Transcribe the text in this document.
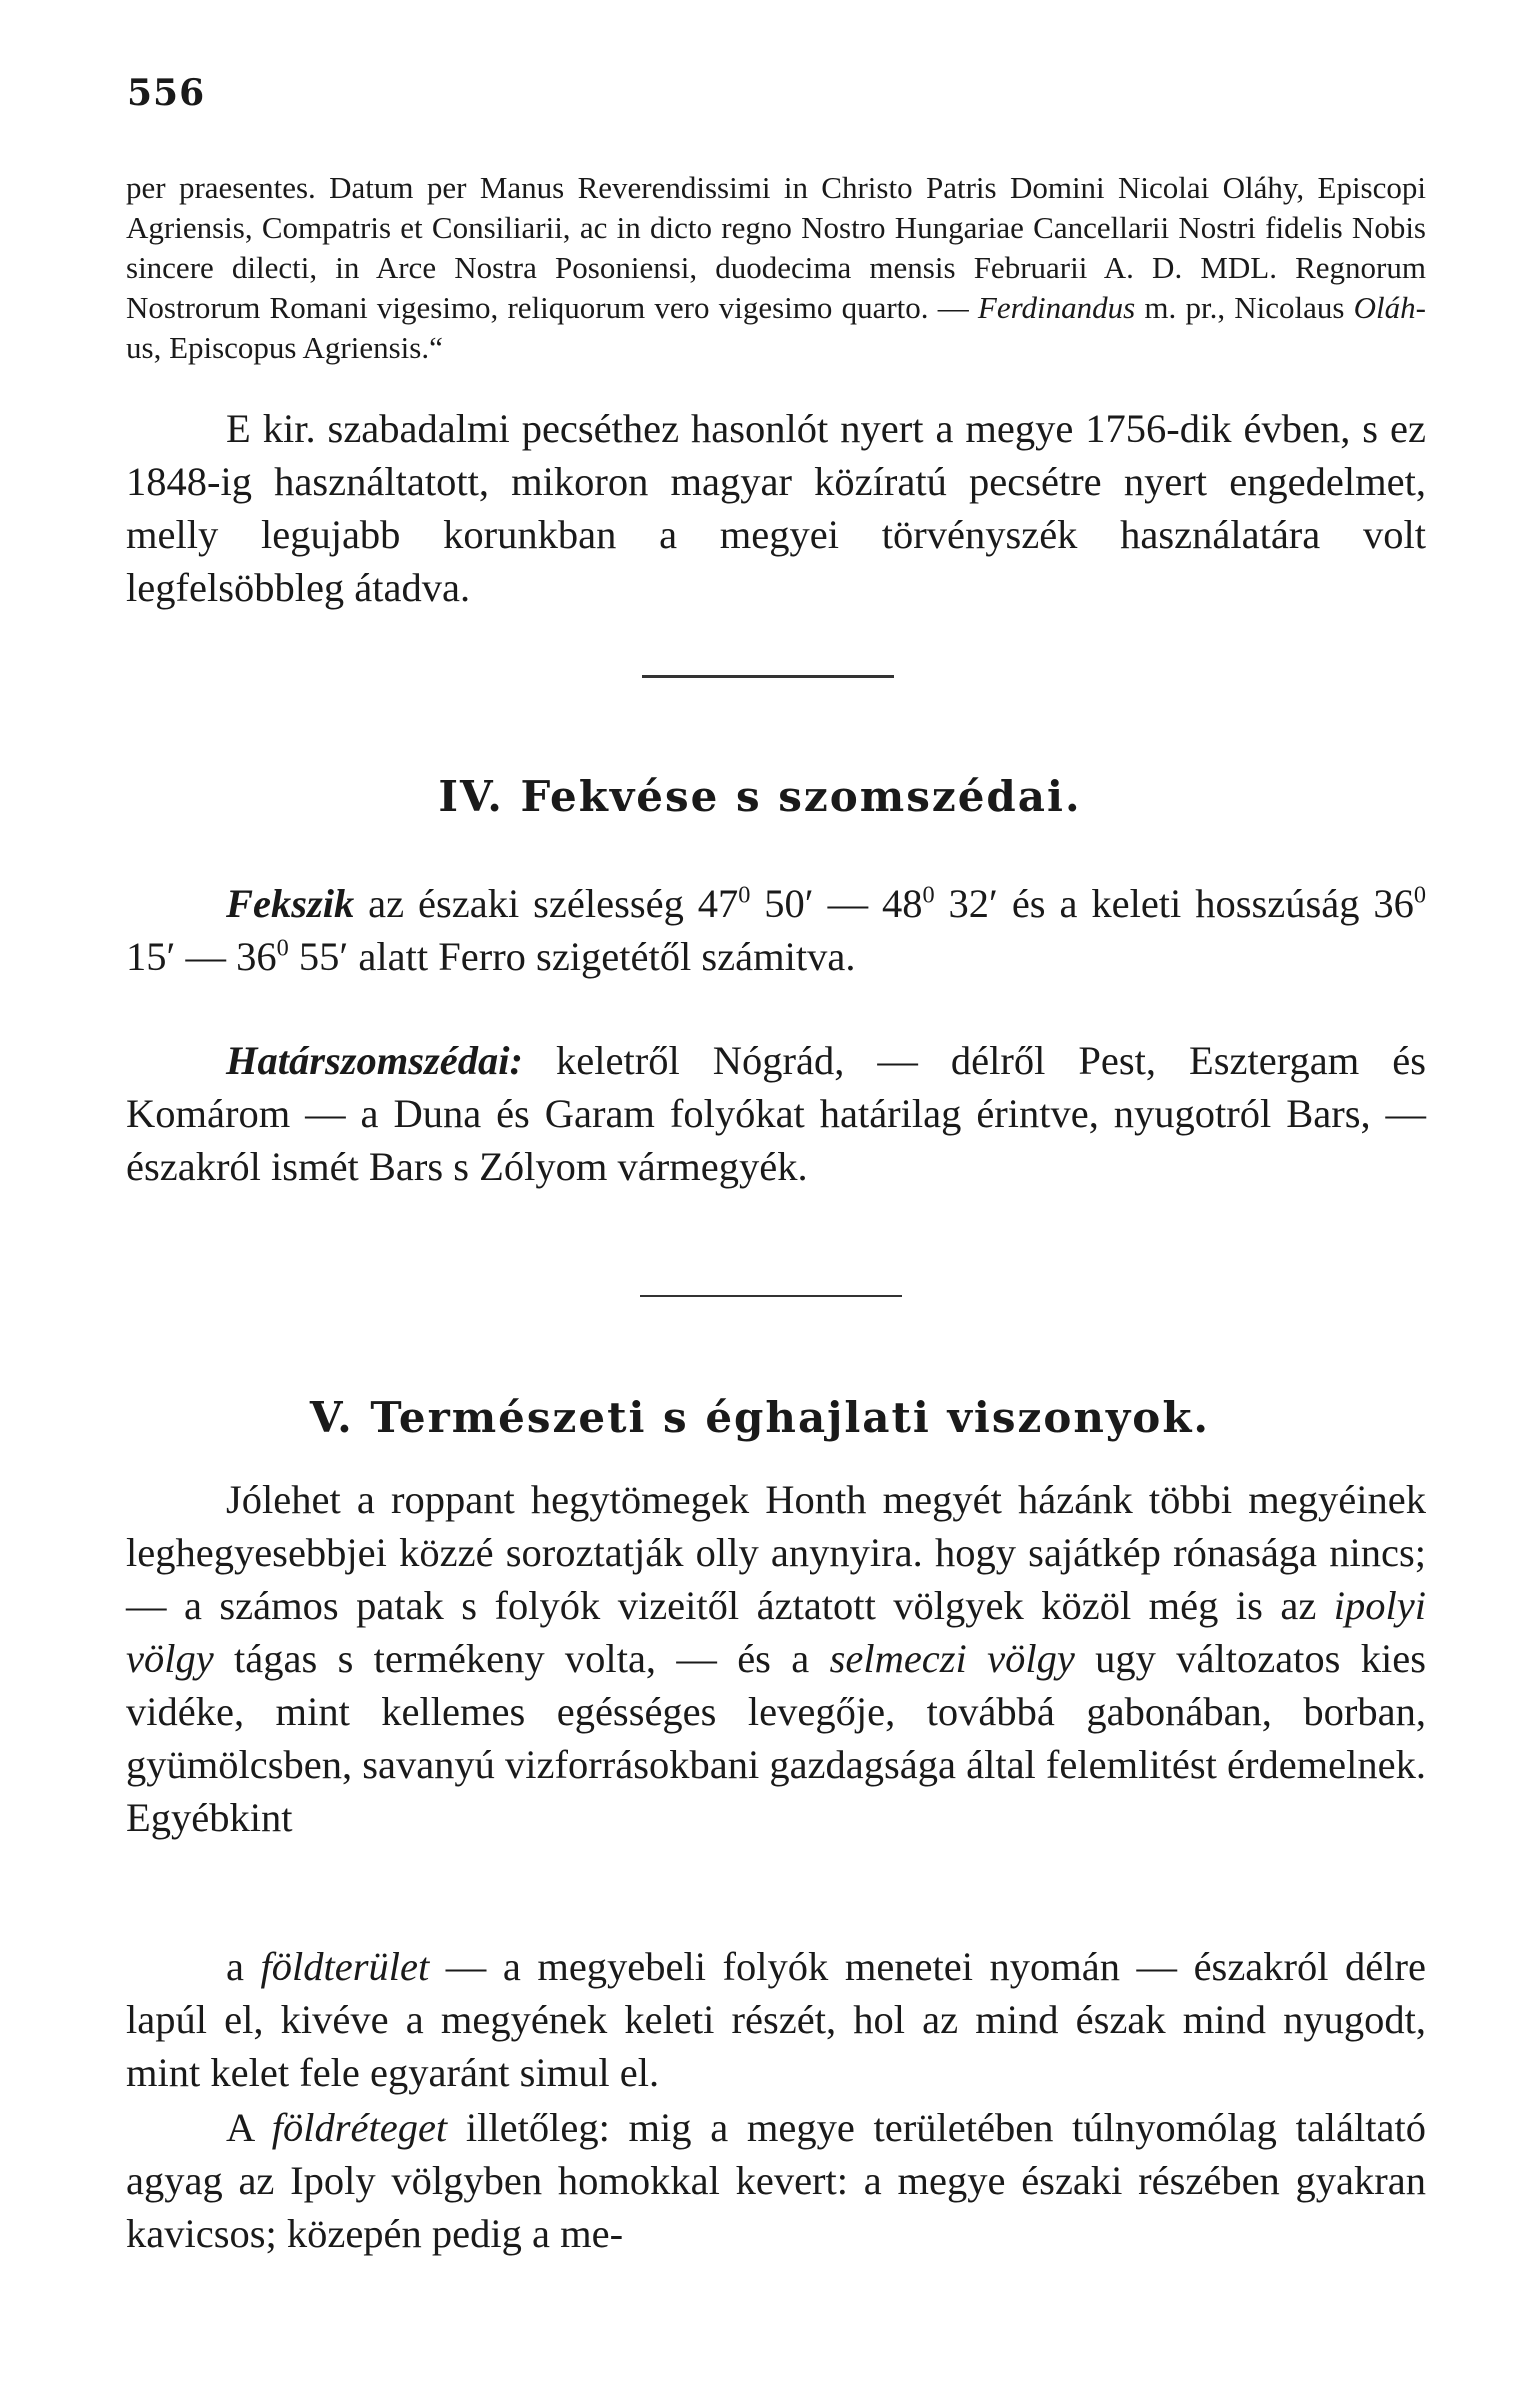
556

per praesentes. Datum per Manus Reverendissimi in Christo Patris Domini Nicolai Oláhy, Episcopi Agriensis, Compatris et Consiliarii, ac in dicto regno Nostro Hungariae Cancellarii Nostri fidelis Nobis sincere dilecti, in Arce Nostra Posoniensi, duodecima mensis Februarii A. D. MDL. Regnorum Nostrorum Romani vigesimo, reliquorum vero vigesimo quarto. — Ferdinandus m. pr., Nicolaus Oláh-us, Episcopus Agriensis.“

E kir. szabadalmi pecséthez hasonlót nyert a megye 1756-dik évben, s ez 1848-ig használtatott, mikoron magyar közíratú pecsétre nyert engedelmet, melly legujabb korunkban a megyei törvényszék használatára volt legfelsöbbleg átadva.

IV. Fekvése s szomszédai.

Fekszik az északi szélesség $47^0$ 50′ — $48^0$ 32′ és a keleti hosszúság $36^0$ 15′ — $36^0$ 55′ alatt Ferro szigetétől számitva.

Határszomszédai: keletről Nógrád, — délről Pest, Esztergam és Komárom — a Duna és Garam folyókat határilag érintve, nyugotról Bars, — északról ismét Bars s Zólyom vármegyék.

V. Természeti s éghajlati viszonyok.

Jólehet a roppant hegytömegek Honth megyét házánk többi megyéinek leghegyesebbjei közzé soroztatják olly anynyira. hogy sajátkép rónasága nincs; — a számos patak s folyók vizeitől áztatott völgyek közöl még is az ipolyi völgy tágas s termékeny volta, — és a selmeczi völgy ugy változatos kies vidéke, mint kellemes egésséges levegője, továbbá gabonában, borban, gyümölcsben, savanyú vizforrásokbani gazdagsága által felemlitést érdemelnek. Egyébkint

a földterület — a megyebeli folyók menetei nyomán — északról délre lapúl el, kivéve a megyének keleti részét, hol az mind észak mind nyugodt, mint kelet fele egyaránt simul el.

A földréteget illetőleg: mig a megye területében túlnyomólag találtató agyag az Ipoly völgyben homokkal kevert: a megye északi részében gyakran kavicsos; közepén pedig a me-
